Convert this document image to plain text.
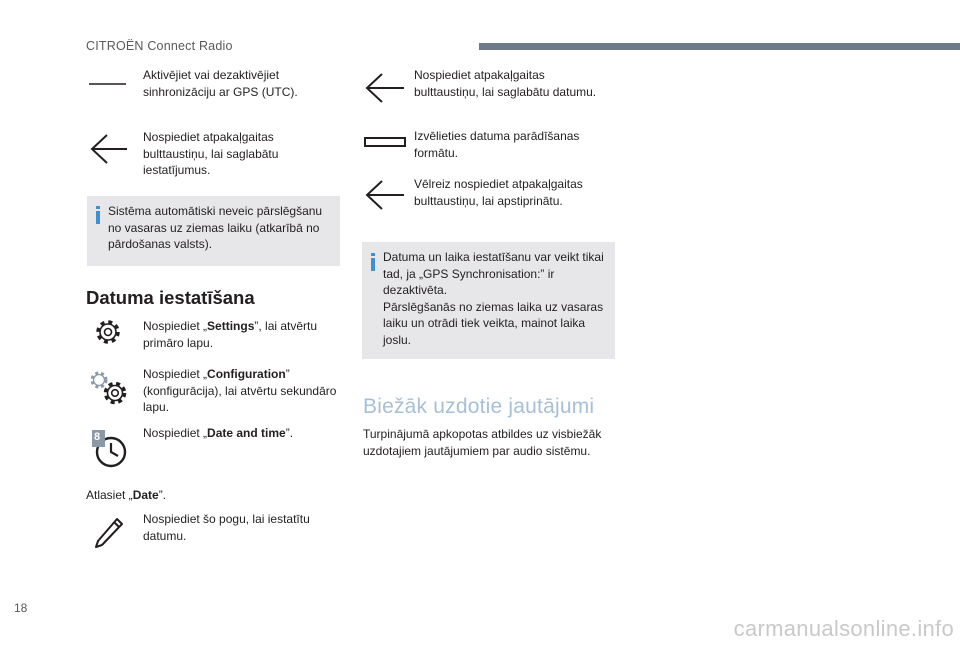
CITROËN Connect Radio
Aktivējiet vai dezaktivējiet sinhronizāciju ar GPS (UTC).
Nospiediet atpakaļgaitas bulttaustiņu, lai saglabātu iestatījumus.
Sistēma automātiski neveic pārslēgšanu no vasaras uz ziemas laiku (atkarībā no pārdošanas valsts).
Datuma iestatīšana
Nospiediet „Settings”, lai atvērtu primāro lapu.
Nospiediet „Configuration” (konfigurācija), lai atvērtu sekundāro lapu.
8	Nospiediet „Date and time”.
Atlasiet „Date”.
Nospiediet šo pogu, lai iestatītu datumu.
Nospiediet atpakaļgaitas bulttaustiņu, lai saglabātu datumu.
Izvēlieties datuma parādīšanas formātu.
Vēlreiz nospiediet atpakaļgaitas bulttaustiņu, lai apstiprinātu.
Datuma un laika iestatīšanu var veikt tikai tad, ja „GPS Synchronisation:” ir dezaktivēta.
Pārslēgšanās no ziemas laika uz vasaras laiku un otrādi tiek veikta, mainot laika joslu.
Biežāk uzdotie jautājumi
Turpinājumā apkopotas atbildes uz visbiežāk uzdotajiem jautājumiem par audio sistēmu.
18
carmanualsonline.info
